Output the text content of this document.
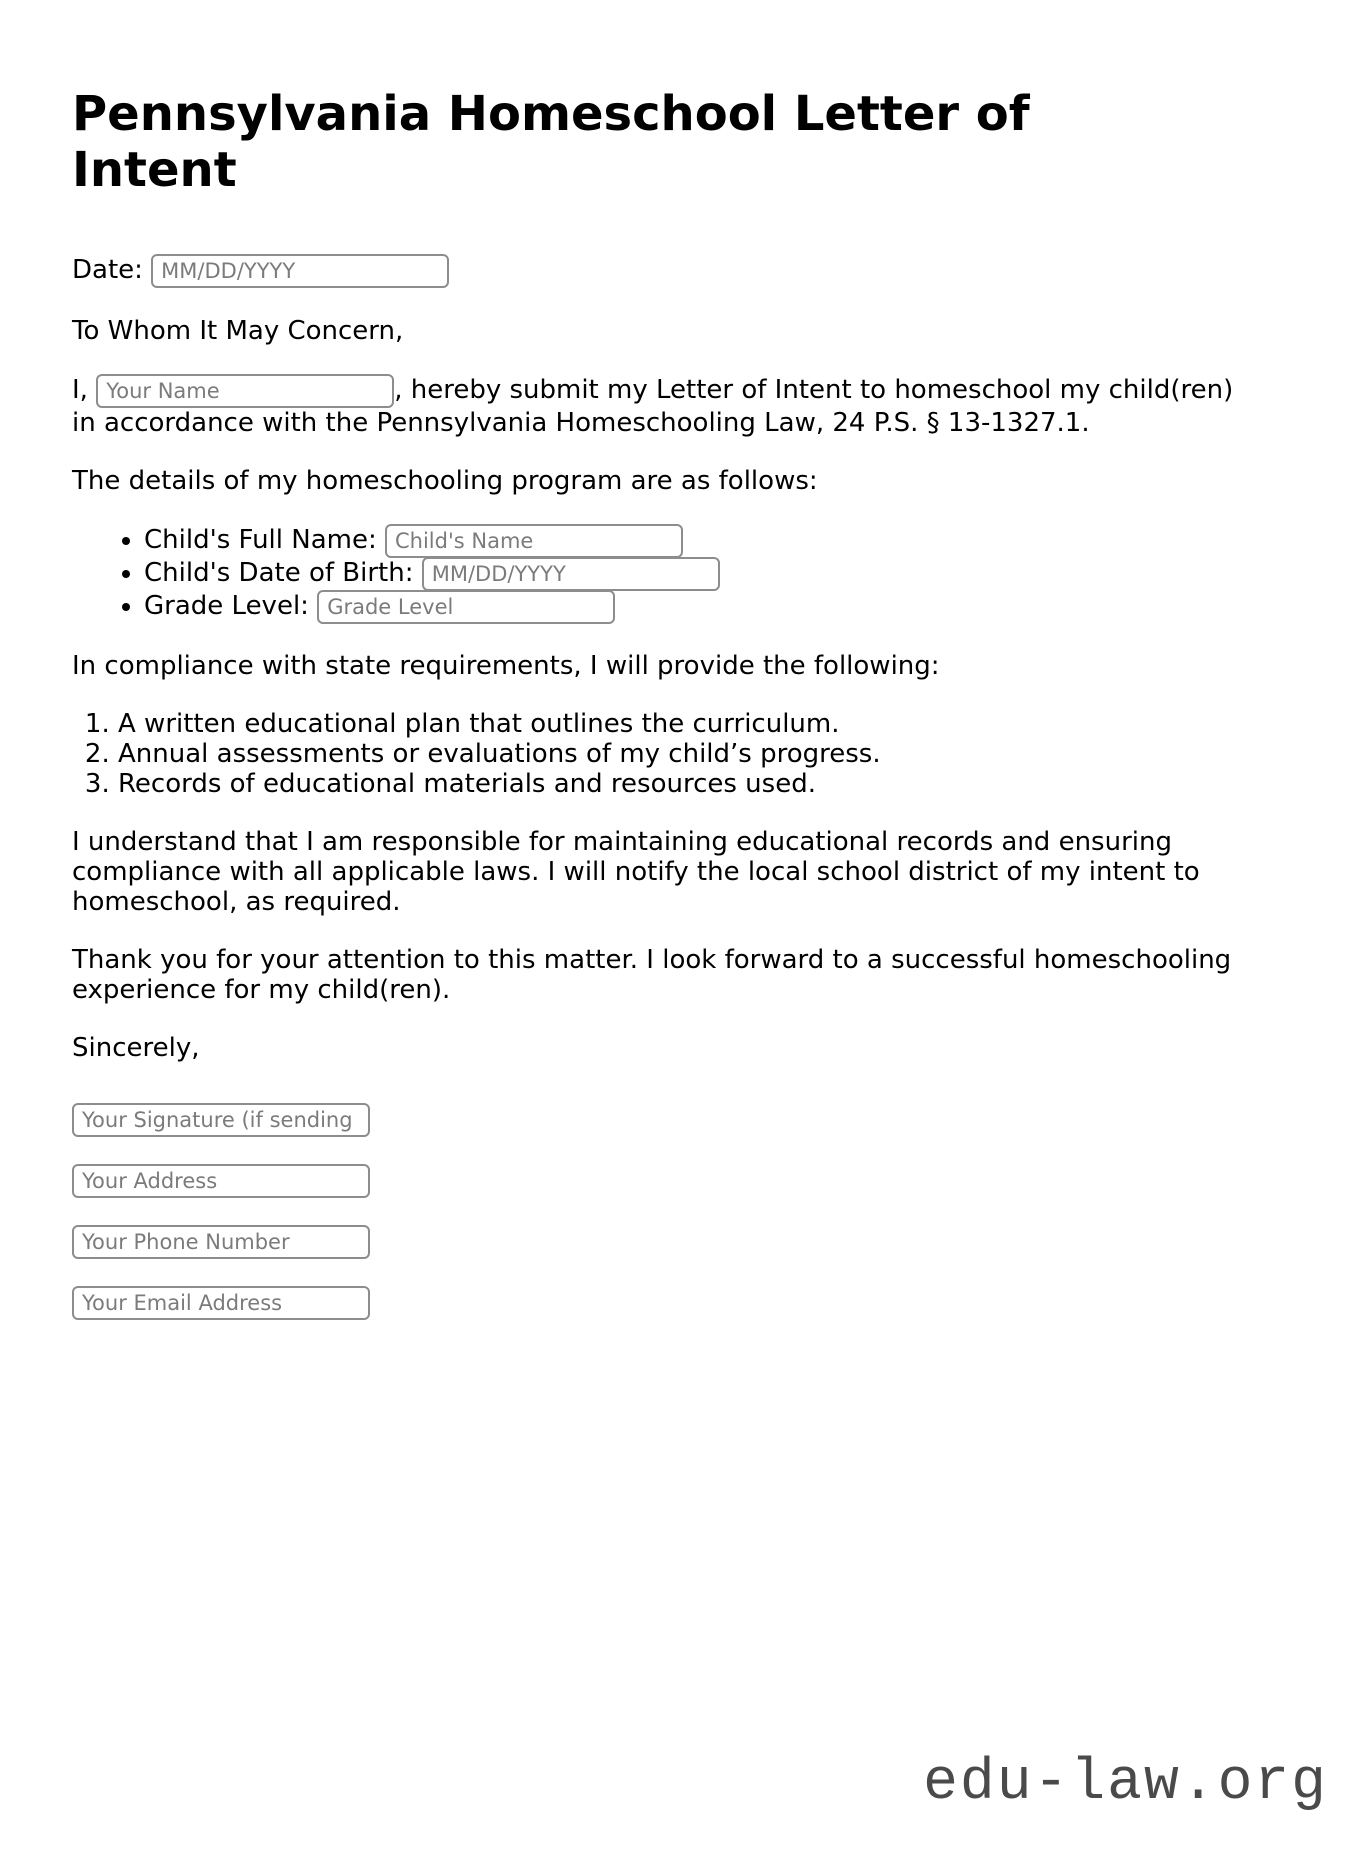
Pennsylvania Homeschool Letter of
Intent

Date: MM/DD/YYYY

To Whom It May Concern,

I, Your Name	, hereby submit my Letter of Intent to homeschool my child(ren)
in accordance with the Pennsylvania Homeschooling Law, 24 P.S. § 13-1327.1.

The details of my homeschooling program are as follows:

• Child's Full Name: Child's Name
• Child's Date of Birth: MM/DD/YYYY
• Grade Level: Grade Level

In compliance with state requirements, I will provide the following:

1. A written educational plan that outlines the curriculum.
2. Annual assessments or evaluations of my child’s progress.
3. Records of educational materials and resources used.

I understand that I am responsible for maintaining educational records and ensuring
compliance with all applicable laws. I will notify the local school district of my intent to
homeschool, as required.

Thank you for your attention to this matter. I look forward to a successful homeschooling
experience for my child(ren).

Sincerely,

Your Signature (if sending a hard copy)

Your Address

Your Phone Number

Your Email Address

edu-law.org
